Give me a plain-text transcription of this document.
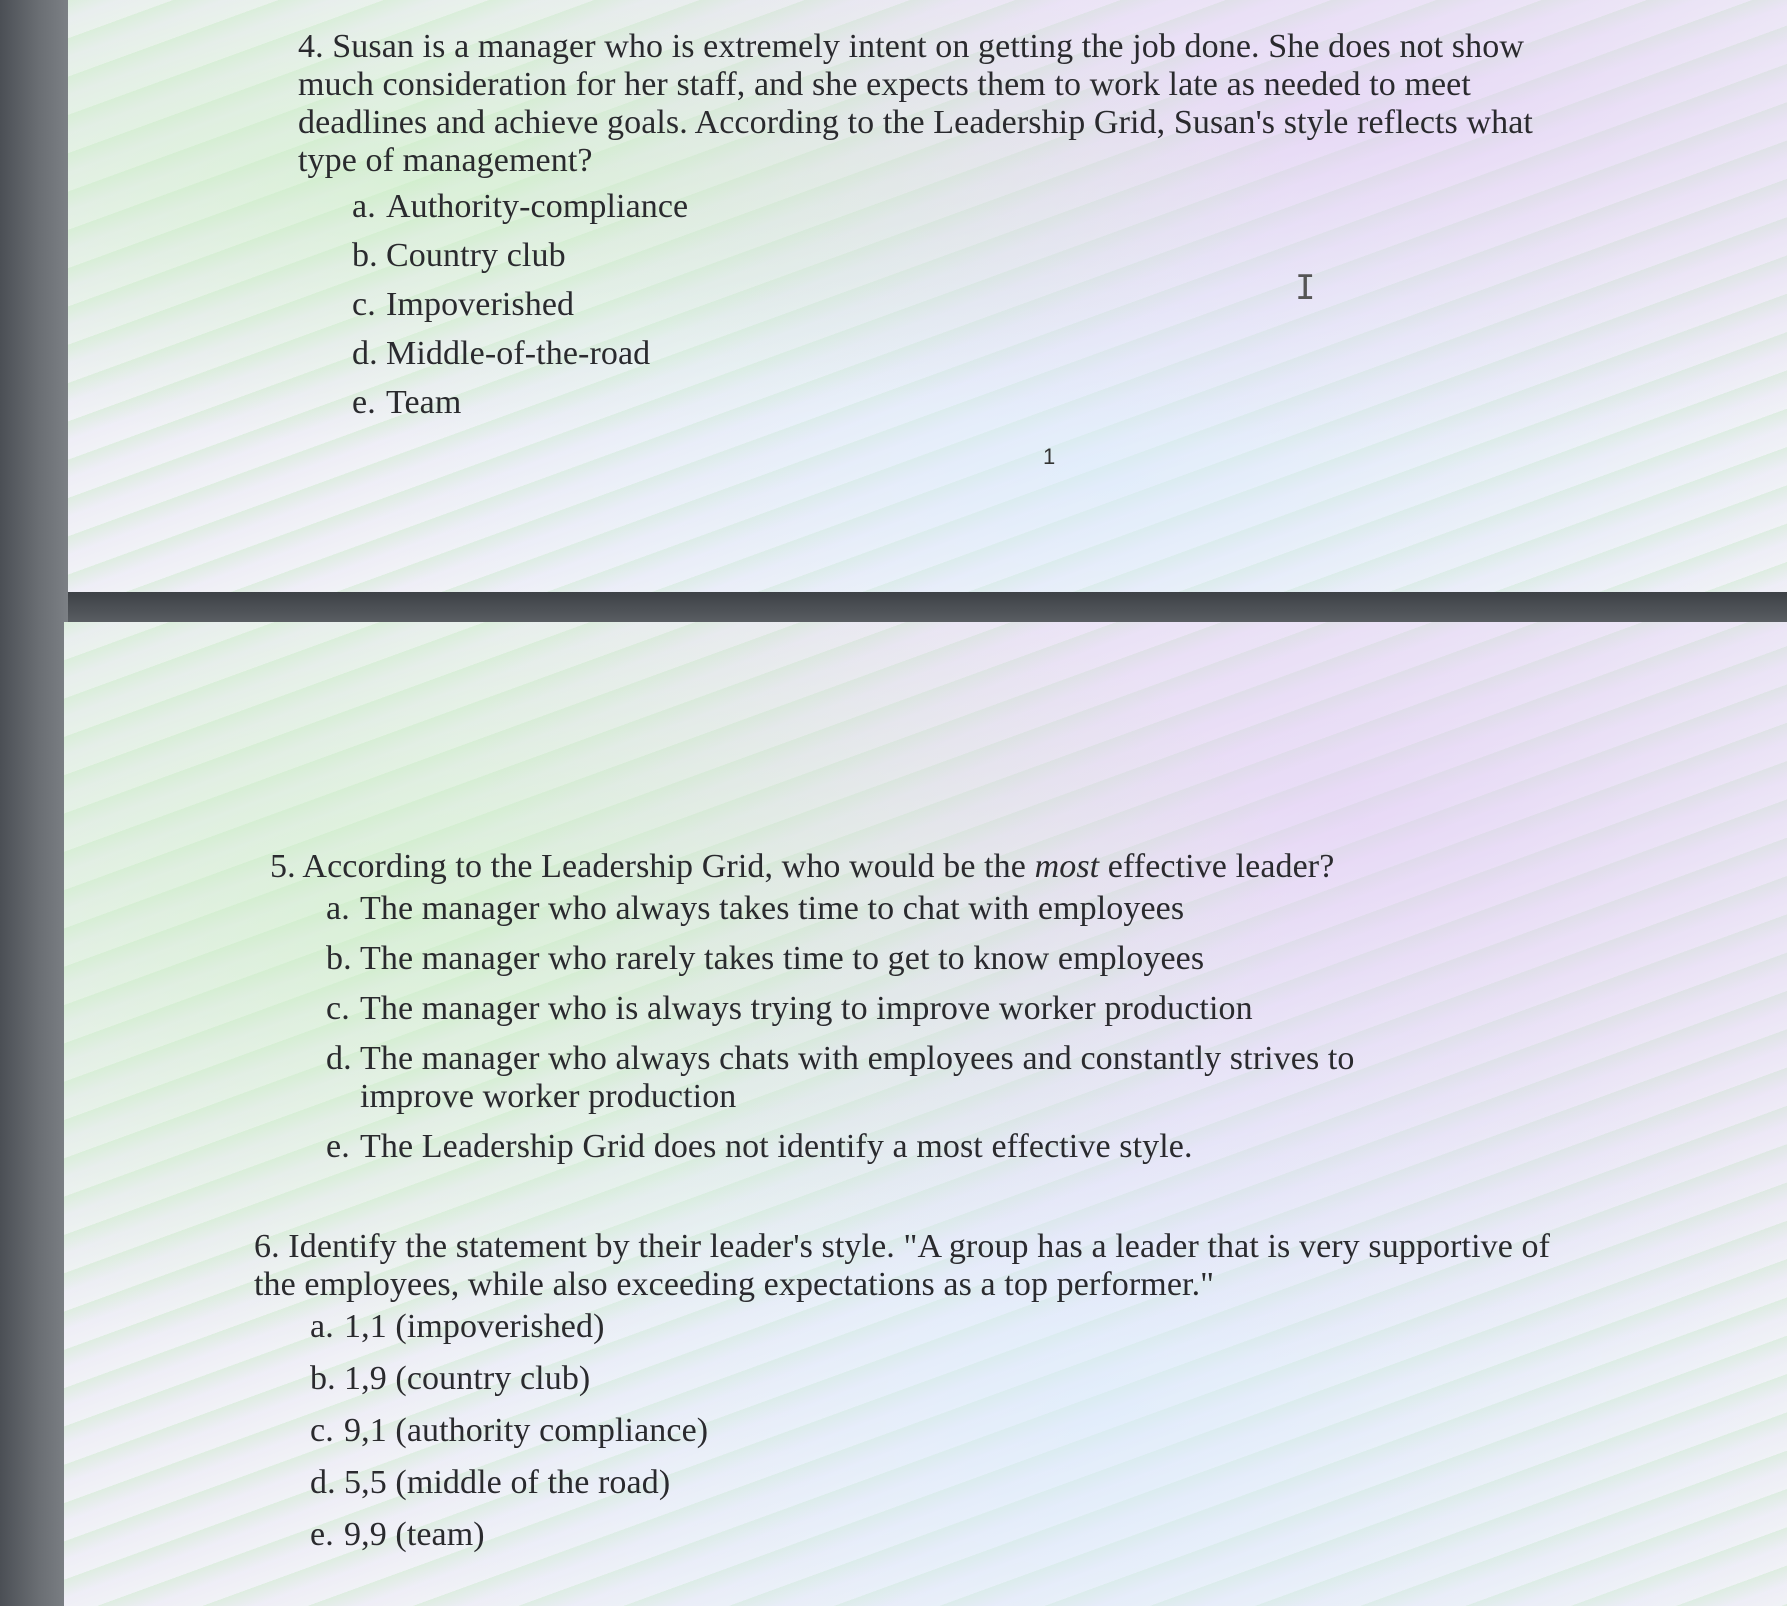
1
I

4. Susan is a manager who is extremely intent on getting the job done. She does not show much consideration for her staff, and she expects them to work late as needed to meet deadlines and achieve goals. According to the Leadership Grid, Susan's style reflects what type of management?

a. Authority-compliance
b. Country club
c. Impoverished
d. Middle-of-the-road
e. Team

5. According to the Leadership Grid, who would be the most effective leader?

a. The manager who always takes time to chat with employees
b. The manager who rarely takes time to get to know employees
c. The manager who is always trying to improve worker production
d. The manager who always chats with employees and constantly strives to improve worker production
e. The Leadership Grid does not identify a most effective style.

6. Identify the statement by their leader's style. "A group has a leader that is very supportive of the employees, while also exceeding expectations as a top performer."

a. 1,1 (impoverished)
b. 1,9 (country club)
c. 9,1 (authority compliance)
d. 5,5 (middle of the road)
e. 9,9 (team)
